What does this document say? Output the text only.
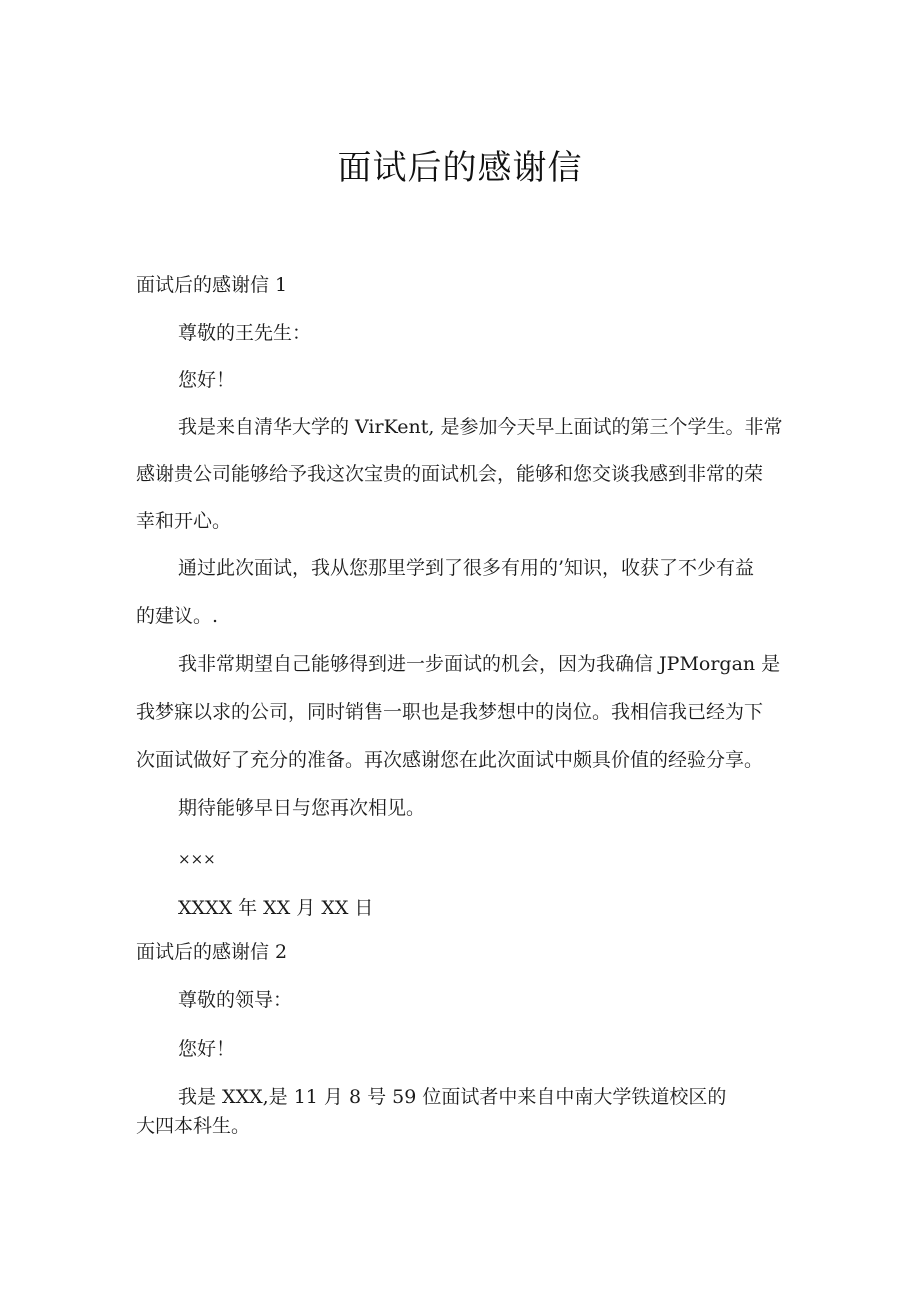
面试后的感谢信
面试后的感谢信 1
尊敬的王先生：
您好！
我是来自清华大学的 VirKent, 是参加今天早上面试的第三个学生。非常
感谢贵公司能够给予我这次宝贵的面试机会，能够和您交谈我感到非常的荣
幸和开心。
通过此次面试，我从您那里学到了很多有用的’知识，收获了不少有益
的建议。.
我非常期望自己能够得到进一步面试的机会，因为我确信 JPMorgan 是
我梦寐以求的公司，同时销售一职也是我梦想中的岗位。我相信我已经为下
次面试做好了充分的准备。再次感谢您在此次面试中颇具价值的经验分享。
期待能够早日与您再次相见。
×××
XXXX 年 XX 月 XX 日
面试后的感谢信 2
尊敬的领导：
您好！
我是 XXX,是 11 月 8 号 59 位面试者中来自中南大学铁道校区的
大四本科生。
